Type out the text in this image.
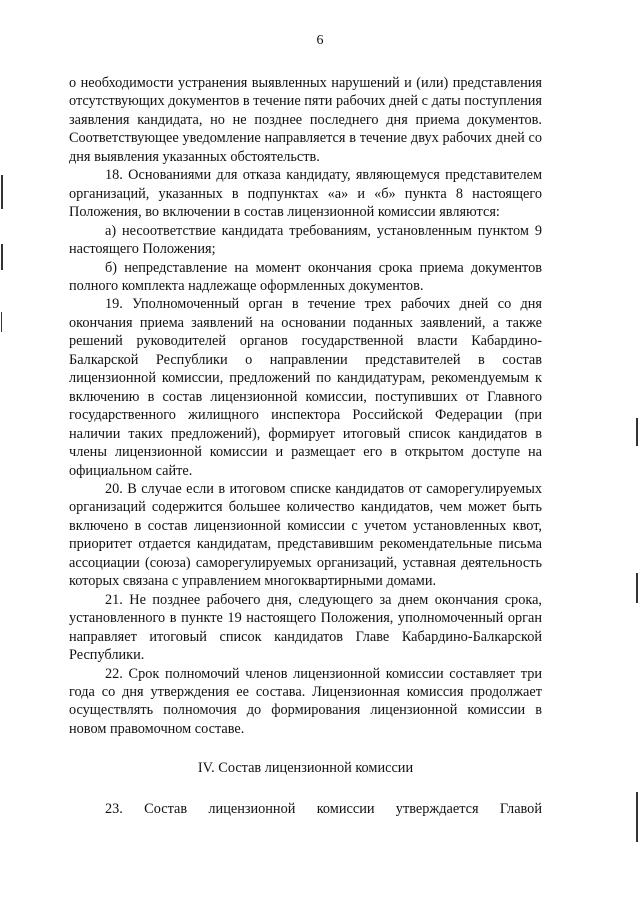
6

о необходимости устранения выявленных нарушений и (или) представления отсутствующих документов в течение пяти рабочих дней с даты поступления заявления кандидата, но не позднее последнего дня приема документов. Соответствующее уведомление направляется в течение двух рабочих дней со дня выявления указанных обстоятельств.

18. Основаниями для отказа кандидату, являющемуся представителем организаций, указанных в подпунктах «а» и «б» пункта 8 настоящего Положения, во включении в состав лицензионной комиссии являются:

а) несоответствие кандидата требованиям, установленным пунктом 9 настоящего Положения;

б) непредставление на момент окончания срока приема документов полного комплекта надлежаще оформленных документов.

19. Уполномоченный орган в течение трех рабочих дней со дня окончания приема заявлений на основании поданных заявлений, а также решений руководителей органов государственной власти Кабардино-Балкарской Республики о направлении представителей в состав лицензионной комиссии, предложений по кандидатурам, рекомендуемым к включению в состав лицензионной комиссии, поступивших от Главного государственного жилищного инспектора Российской Федерации (при наличии таких предложений), формирует итоговый список кандидатов в члены лицензионной комиссии и размещает его в открытом доступе на официальном сайте.

20. В случае если в итоговом списке кандидатов от саморегулируемых организаций содержится большее количество кандидатов, чем может быть включено в состав лицензионной комиссии с учетом установленных квот, приоритет отдается кандидатам, представившим рекомендательные письма ассоциации (союза) саморегулируемых организаций, уставная деятельность которых связана с управлением многоквартирными домами.

21. Не позднее рабочего дня, следующего за днем окончания срока, установленного в пункте 19 настоящего Положения, уполномоченный орган направляет итоговый список кандидатов Главе Кабардино-Балкарской Республики.

22. Срок полномочий членов лицензионной комиссии составляет три года со дня утверждения ее состава. Лицензионная комиссия продолжает осуществлять полномочия до формирования лицензионной комиссии в новом правомочном составе.

IV. Состав лицензионной комиссии

23. Состав лицензионной комиссии утверждается Главой
